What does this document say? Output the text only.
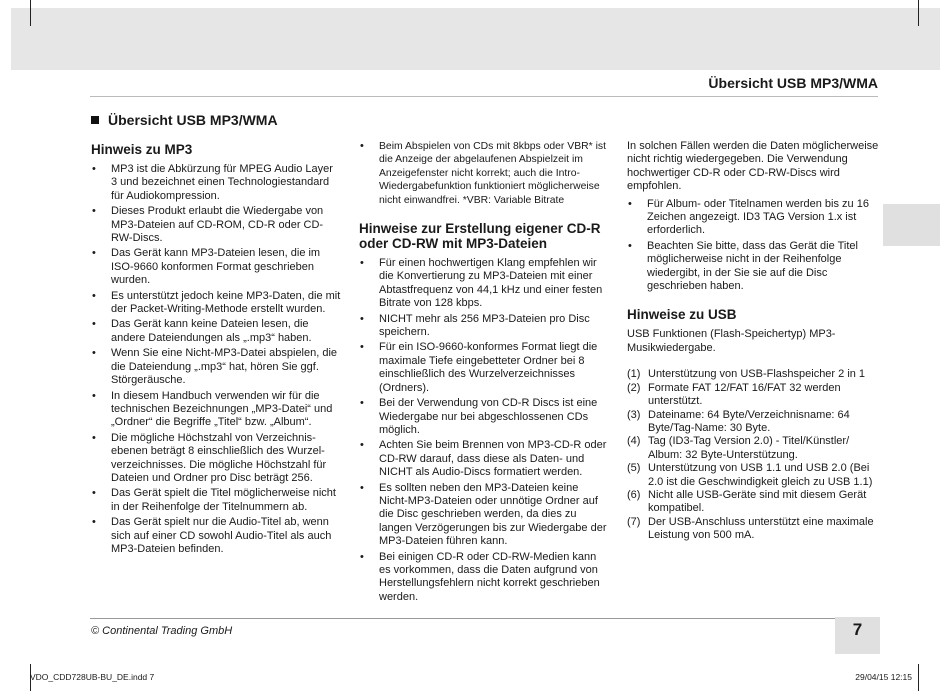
Übersicht USB MP3/WMA
Übersicht USB MP3/WMA
Hinweis zu MP3
• MP3 ist die Abkürzung für MPEG Audio Layer 3 und bezeichnet einen Technologiestandard für Audiokompression.
• Dieses Produkt erlaubt die Wiedergabe von MP3-Dateien auf CD-ROM, CD-R oder CD-RW-Discs.
• Das Gerät kann MP3-Dateien lesen, die im ISO-9660 konformen Format geschrieben wurden.
• Es unterstützt jedoch keine MP3-Daten, die mit der Packet-Writing-Methode erstellt wurden.
• Das Gerät kann keine Dateien lesen, die andere Dateiendungen als „.mp3“ haben.
• Wenn Sie eine Nicht-MP3-Datei abspielen, die die Dateiendung „.mp3“ hat, hören Sie ggf. Störgeräusche.
• In diesem Handbuch verwenden wir für die technischen Bezeichnungen „MP3-Datei“ und „Ordner“ die Begriffe „Titel“ bzw. „Album“.
• Die mögliche Höchstzahl von Verzeichnis-ebenen beträgt 8 einschließlich des Wurzel-verzeichnisses. Die mögliche Höchstzahl für Dateien und Ordner pro Disc beträgt 256.
• Das Gerät spielt die Titel möglicherweise nicht in der Reihenfolge der Titelnummern ab.
• Das Gerät spielt nur die Audio-Titel ab, wenn sich auf einer CD sowohl Audio-Titel als auch MP3-Dateien befinden.
• Beim Abspielen von CDs mit 8kbps oder VBR* ist die Anzeige der abgelaufenen Abspielzeit im Anzeigefenster nicht korrekt; auch die Intro-Wiedergabefunktion funktioniert möglicherweise nicht einwandfrei. *VBR: Variable Bitrate
Hinweise zur Erstellung eigener CD-R oder CD-RW mit MP3-Dateien
• Für einen hochwertigen Klang empfehlen wir die Konvertierung zu MP3-Dateien mit einer Abtastfrequenz von 44,1 kHz und einer festen Bitrate von 128 kbps.
• NICHT mehr als 256 MP3-Dateien pro Disc speichern.
• Für ein ISO-9660-konformes Format liegt die maximale Tiefe eingebetteter Ordner bei 8 einschließlich des Wurzelverzeichnisses (Ordners).
• Bei der Verwendung von CD-R Discs ist eine Wiedergabe nur bei abgeschlossenen CDs möglich.
• Achten Sie beim Brennen von MP3-CD-R oder CD-RW darauf, dass diese als Daten- und NICHT als Audio-Discs formatiert werden.
• Es sollten neben den MP3-Dateien keine Nicht-MP3-Dateien oder unnötige Ordner auf die Disc geschrieben werden, da dies zu langen Verzögerungen bis zur Wiedergabe der MP3-Dateien führen kann.
• Bei einigen CD-R oder CD-RW-Medien kann es vorkommen, dass die Daten aufgrund von Herstellungsfehlern nicht korrekt geschrieben werden.

In solchen Fällen werden die Daten möglicherweise nicht richtig wiedergegeben. Die Verwendung hochwertiger CD-R oder CD-RW-Discs wird empfohlen.

• Für Album- oder Titelnamen werden bis zu 16 Zeichen angezeigt. ID3 TAG Version 1.x ist erforderlich.
• Beachten Sie bitte, dass das Gerät die Titel möglicherweise nicht in der Reihenfolge wiedergibt, in der Sie sie auf die Disc geschrieben haben.
Hinweise zu USB

USB Funktionen (Flash-Speichertyp) MP3-Musikwiedergabe.

(1) Unterstützung von USB-Flashspeicher 2 in 1
(2) Formate FAT 12/FAT 16/FAT 32 werden unterstützt.
(3) Dateiname: 64 Byte/Verzeichnisname: 64 Byte/Tag-Name: 30 Byte.
(4) Tag (ID3-Tag Version 2.0) - Titel/Künstler/ Album: 32 Byte-Unterstützung.
(5) Unterstützung von USB 1.1 und USB 2.0 (Bei 2.0 ist die Geschwindigkeit gleich zu USB 1.1)
(6) Nicht alle USB-Geräte sind mit diesem Gerät kompatibel.
(7) Der USB-Anschluss unterstützt eine maximale Leistung von 500 mA.
© Continental Trading GmbH	7
VDO_CDD728UB-BU_DE.indd 7	29/04/15 12:15
